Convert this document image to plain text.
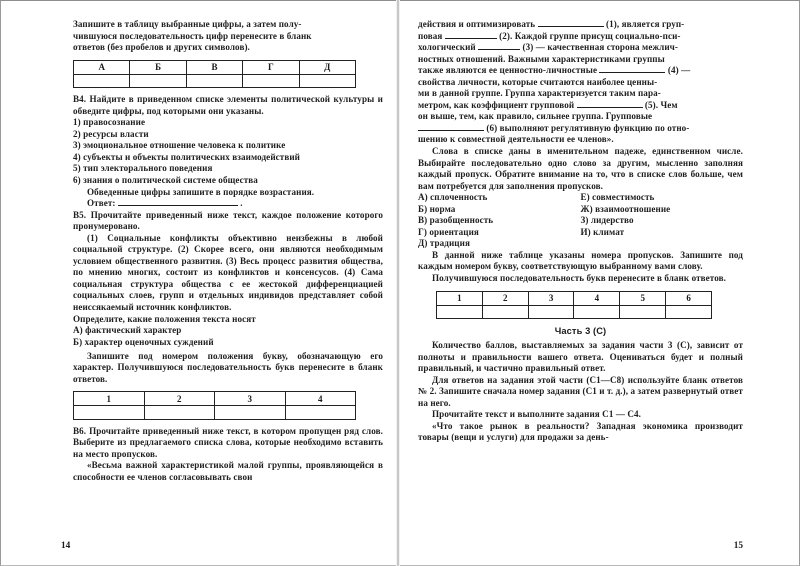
Запишите в таблицу выбранные цифры, а затем полу-

чившуюся последовательность цифр перенесите в бланк

ответов (без пробелов и других символов).

А	Б	В	Г	Д

В4. Найдите в приведенном списке элементы политической культуры и обведите цифры, под которыми они указаны.

1) правосознание

2) ресурсы власти

3) эмоциональное отношение человека к политике

4) субъекты и объекты политических взаимодействий

5) тип электорального поведения

6) знания о политической системе общества

Обведенные цифры запишите в порядке возрастания.

Ответ:	.

В5. Прочитайте приведенный ниже текст, каждое положение которого пронумеровано.

(1) Социальные конфликты объективно неизбежны в любой социальной структуре. (2) Скорее всего, они являются необходимым условием общественного развития. (3) Весь процесс развития общества, по мнению многих, состоит из конфликтов и консенсусов. (4) Сама социальная структура общества с ее жестокой дифференциацией социальных слоев, групп и отдельных индивидов представляет собой неиссякаемый источник конфликтов.

Определите, какие положения текста носят

А) фактический характер

Б) характер оценочных суждений

Запишите под номером положения букву, обозначающую его характер. Получившуюся последовательность букв перенесите в бланк ответов.

1	2	3	4

В6. Прочитайте приведенный ниже текст, в котором пропущен ряд слов. Выберите из предлагаемого списка слова, которые необходимо вставить на место пропусков.

«Весьма важной характеристикой малой группы, проявляющейся в способности ее членов согласовывать свои

14

действия и оптимизировать	(1), является груп-

повая	(2). Каждой группе присущ социально-пси-

хологический	(3) — качественная сторона межлич-

ностных отношений. Важными характеристиками группы

также являются ее ценностно-личностные	(4) —

свойства личности, которые считаются наиболее ценны-

ми в данной группе. Группа характеризуется таким пара-

метром, как коэффициент групповой	(5). Чем

он выше, тем, как правило, сильнее группа. Групповые

(6) выполняют регулятивную функцию по отно-

шению к совместной деятельности ее членов».

Слова в списке даны в именительном падеже, единственном числе. Выбирайте последовательно одно слово за другим, мысленно заполняя каждый пропуск. Обратите внимание на то, что в списке слов больше, чем вам потребуется для заполнения пропусков.

А) сплоченность

Б) норма

В) разобщенность

Г) ориентация

Д) традиция

Е) совместимость

Ж) взаимоотношение

З) лидерство

И) климат

В данной ниже таблице указаны номера пропусков. Запишите под каждым номером букву, соответствующую выбранному вами слову.

Получившуюся последовательность букв перенесите в бланк ответов.

1	2	3	4	5	6

Часть 3 (С)

Количество баллов, выставляемых за задания части 3 (С), зависит от полноты и правильности вашего ответа. Оцениваться будет и полный правильный, и частично правильный ответ.

Для ответов на задания этой части (С1—С8) используйте бланк ответов № 2. Запишите сначала номер задания (С1 и т. д.), а затем развернутый ответ на него.

Прочитайте текст и выполните задания С1 — С4.

«Что такое рынок в реальности? Западная экономика производит товары (вещи и услуги) для продажи за день-

15
